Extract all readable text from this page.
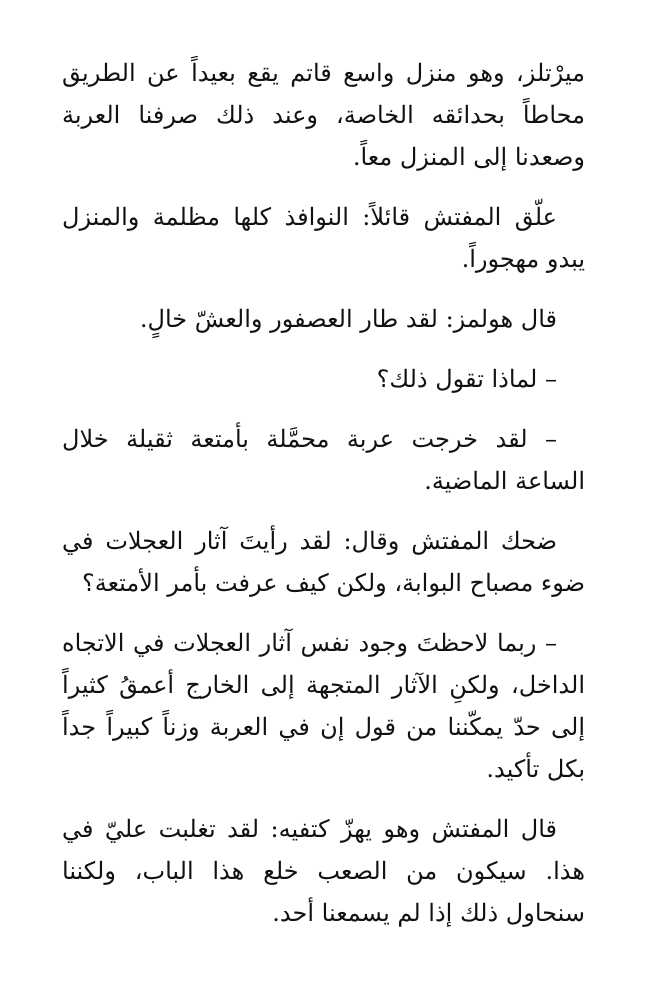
ميرْتلز، وهو منزل واسع قاتم يقع بعيداً عن الطريق محاطاً بحدائقه الخاصة، وعند ذلك صرفنا العربة وصعدنا إلى المنزل معاً.

علّق المفتش قائلاً: النوافذ كلها مظلمة والمنزل يبدو مهجوراً.

قال هولمز: لقد طار العصفور والعشّ خالٍ.

– لماذا تقول ذلك؟

– لقد خرجت عربة محمَّلة بأمتعة ثقيلة خلال الساعة الماضية.

ضحك المفتش وقال: لقد رأيتَ آثار العجلات في ضوء مصباح البوابة، ولكن كيف عرفت بأمر الأمتعة؟

– ربما لاحظتَ وجود نفس آثار العجلات في الاتجاه الداخل، ولكنِ الآثار المتجهة إلى الخارج أعمقُ كثيراً إلى حدّ يمكّننا من قول إن في العربة وزناً كبيراً جداً بكل تأكيد.

قال المفتش وهو يهزّ كتفيه: لقد تغلبت عليّ في هذا. سيكون من الصعب خلع هذا الباب، ولكننا سنحاول ذلك إذا لم يسمعنا أحد.
